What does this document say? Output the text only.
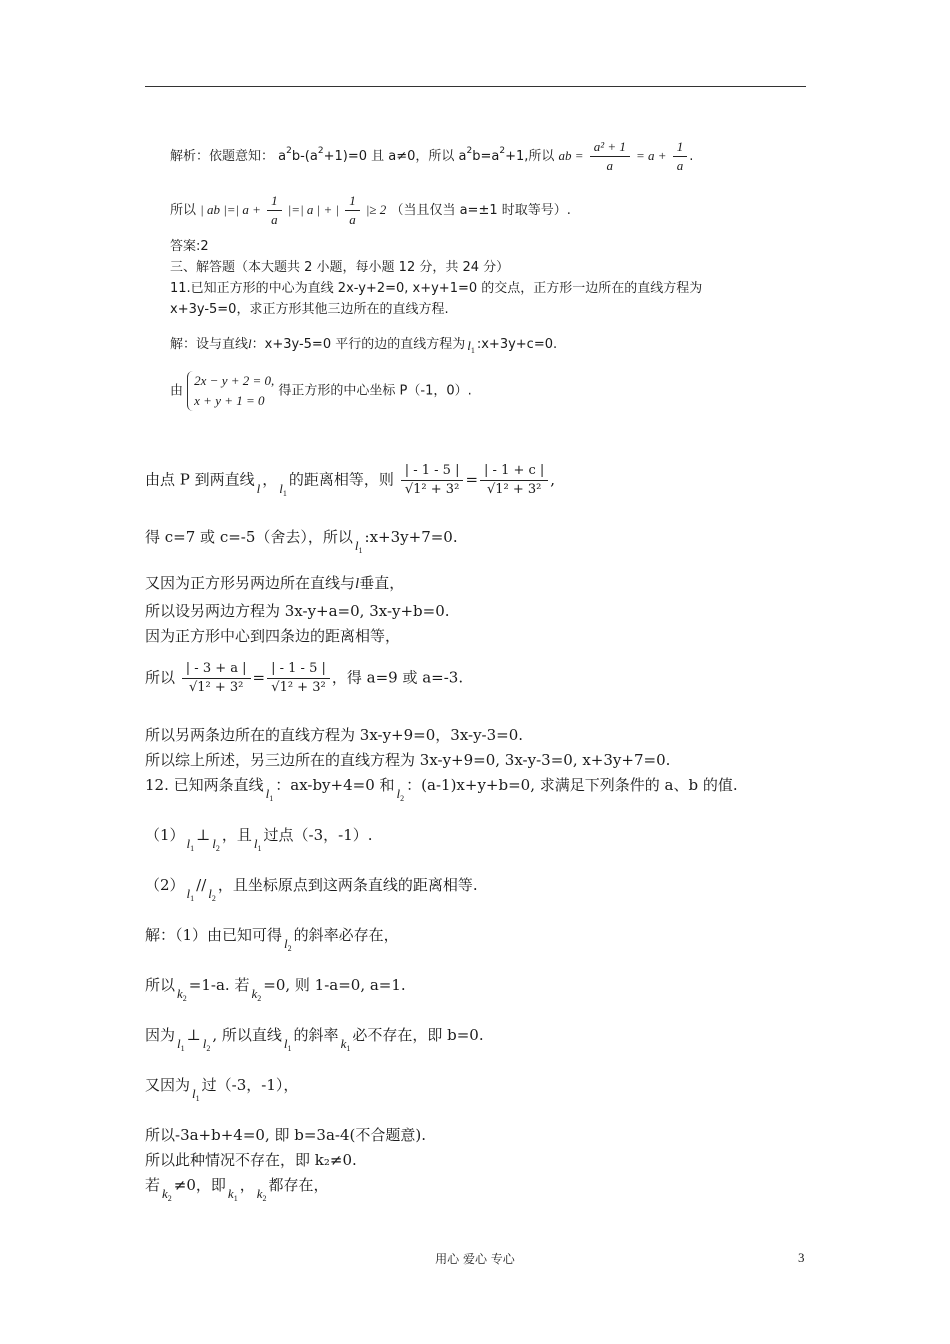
解析：依题意知： $a^2b-(a^2+1)=0$ 且 a≠0，所以 $a^2b=a^2+1$,所以 ab = $\frac{\text{a² + 1}}{a} = a + \frac{1}{a}$ .
所以 | ab |=| $a + \frac{1}{a}$ |=| a | + | $\frac{1}{a}$ |≥ 2 （当且仅当 a=±1 时取等号）.
答案:2
三、解答题（本大题共 2 小题，每小题 12 分，共 24 分）
11.已知正方形的中心为直线 2x-y+2=0, x+y+1=0 的交点，正方形一边所在的直线方程为
x+3y-5=0，求正方形其他三边所在的直线方程.
解：设与直线l：x+3y-5=0 平行的边的直线方程为 $l_1$ :x+3y+c=0.
由 2x − y + 2 = 0,
x + y + 1 = 0 得正方形的中心坐标 P（-1，0）.
由点 P 到两直线 l ， $l_1$的距离相等，则 $\frac{| - 1 - 5 |}{\text{√1² + 3²}} = \frac{| - 1 + c |}{\text{√1² + 3²}}$ ,
得 c=7 或 c=-5（舍去），所以 $l_1:x+3y+7=0$.
又因为正方形另两边所在直线与l垂直，
所以设另两边方程为 3x-y+a=0, 3x-y+b=0.
因为正方形中心到四条边的距离相等，
所以 $\frac{| - 3 + a |}{\text{√1² + 3²}} = \frac{| - 1 - 5 |}{\text{√1² + 3²}}$ ，得 a=9 或 a=-3.
所以另两条边所在的直线方程为 3x-y+9=0，3x-y-3=0.
所以综上所述，另三边所在的直线方程为 3x-y+9=0, 3x-y-3=0, x+3y+7=0.
12. 已知两条直线 $l_1$：ax-by+4=0 和 $l_2$：(a-1)x+y+b=0, 求满足下列条件的 a、b 的值.
（1） $l_1\perp$ $l_2$，且 $l_1$过点（-3，-1）.
（2） $l_1//$ $l_2$，且坐标原点到这两条直线的距离相等.
解：（1）由已知可得 $l_2$的斜率必存在，
所以 $k_2=1-a$. 若 $k_2=0$, 则 1-a=0, a=1.
因为 $l_1\perp$ $l_2$, 所以直线 $l_1$的斜率 $k_1$必不存在，即 b=0.
又因为 $l_1$过（-3，-1），
所以-3a+b+4=0, 即 b=3a-4(不合题意).
所以此种情况不存在，即 k₂≠0.
若 $k_2\ne 0$，即 $k_1$， $k_2$都存在，
用心 爱心 专心	3
